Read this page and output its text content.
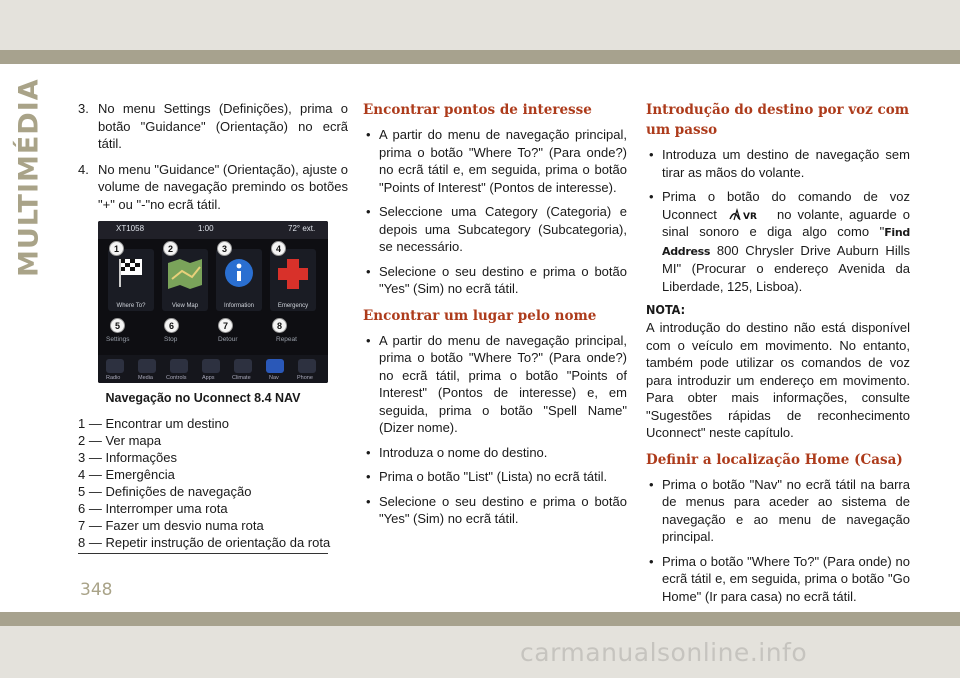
MULTIMÉDIA	3. No menu Settings (Definições), prima o botão "Guidance" (Orientação) no ecrã tátil.
4. No menu "Guidance" (Orientação), ajuste o volume de navegação premindo os botões "+" ou "-"no ecrã tátil.
XT1058	1:00	72° ext.
Where To?	View Map	Information	Emergency
1	2	3	4
5	6	7	8
Settings	Stop	Detour	Repeat
Radio	Media Controls	Apps	Climate	Nav	Phone
Navegação no Uconnect 8.4 NAV
1 — Encontrar um destino
2 — Ver mapa
3 — Informações
4 — Emergência
5 — Definições de navegação
6 — Interromper uma rota
7 — Fazer um desvio numa rota
8 — Repetir instrução de orientação da rota
Encontrar pontos de interesse
• A partir do menu de navegação principal, prima o botão "Where To?" (Para onde?) no ecrã tátil e, em seguida, prima o botão "Points of Interest" (Pontos de interesse).
• Seleccione uma Category (Categoria) e depois uma Subcategory (Subcategoria), se necessário.
• Selecione o seu destino e prima o botão "Yes" (Sim) no ecrã tátil.
Encontrar um lugar pelo nome
• A partir do menu de navegação principal, prima o botão "Where To?" (Para onde?) no ecrã tátil, prima o botão "Points of Interest" (Pontos de interesse) e, em seguida, prima o botão "Spell Name" (Dizer nome).
• Introduza o nome do destino.
• Prima o botão "List" (Lista) no ecrã tátil.
• Selecione o seu destino e prima o botão "Yes" (Sim) no ecrã tátil.
Introdução do destino por voz com um passo
• Introduza um destino de navegação sem tirar as mãos do volante.
• Prima o botão do comando de voz Uconnect	VR no volante, aguarde o sinal sonoro e diga algo como "Find Address 800 Chrysler Drive Auburn Hills MI" (Procurar o endereço Avenida da Liberdade, 125, Lisboa).
NOTA:
A introdução do destino não está disponível com o veículo em movimento. No entanto, também pode utilizar os comandos de voz para introduzir um endereço em movimento. Para obter mais informações, consulte "Sugestões rápidas de reconhecimento Uconnect" neste capítulo.
Definir a localização Home (Casa)
• Prima o botão "Nav" no ecrã tátil na barra de menus para aceder ao sistema de navegação e ao menu de navegação principal.
• Prima o botão "Where To?" (Para onde) no ecrã tátil e, em seguida, prima o botão "Go Home" (Ir para casa) no ecrã tátil.
348
carmanualsonline.info
